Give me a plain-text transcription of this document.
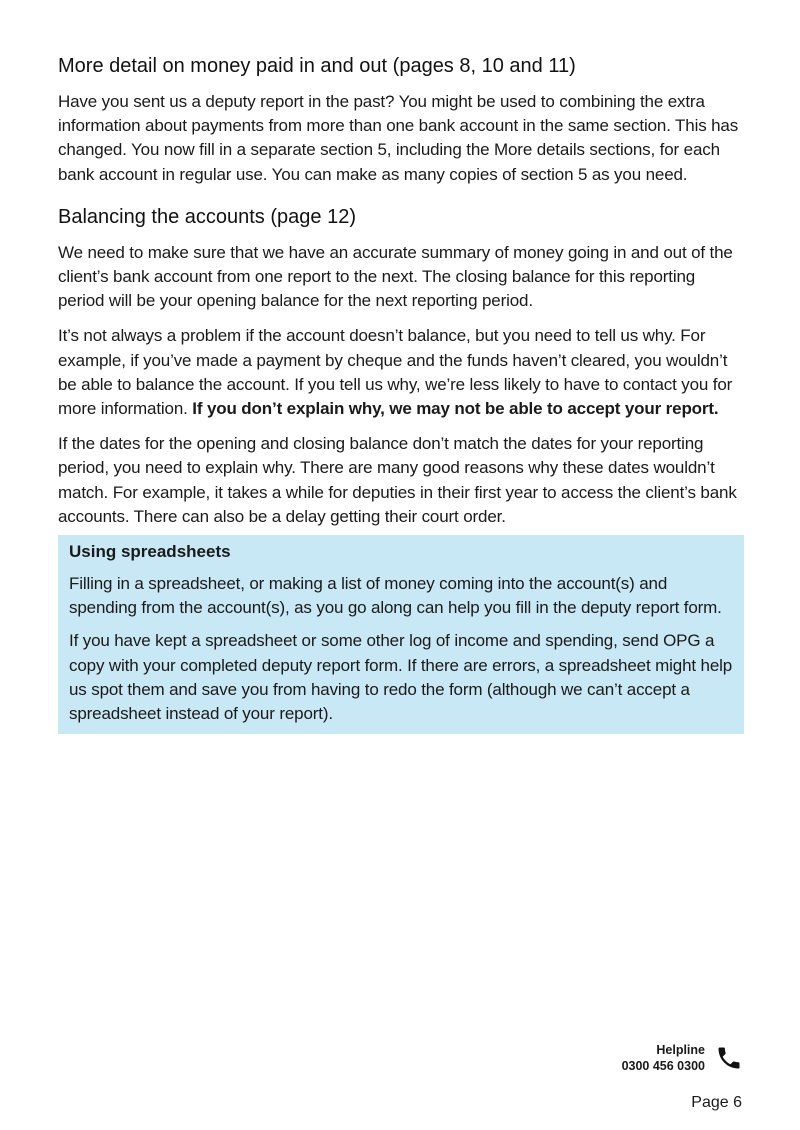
More detail on money paid in and out (pages 8, 10 and 11)

Have you sent us a deputy report in the past? You might be used to combining the extra information about payments from more than one bank account in the same section. This has changed. You now fill in a separate section 5, including the More details sections, for each bank account in regular use. You can make as many copies of section 5 as you need.

Balancing the accounts (page 12)

We need to make sure that we have an accurate summary of money going in and out of the client’s bank account from one report to the next. The closing balance for this reporting period will be your opening balance for the next reporting period.

It’s not always a problem if the account doesn’t balance, but you need to tell us why. For example, if you’ve made a payment by cheque and the funds haven’t cleared, you wouldn’t be able to balance the account. If you tell us why, we’re less likely to have to contact you for more information. If you don’t explain why, we may not be able to accept your report.

If the dates for the opening and closing balance don’t match the dates for your reporting period, you need to explain why. There are many good reasons why these dates wouldn’t match. For example, it takes a while for deputies in their first year to access the client’s bank accounts. There can also be a delay getting their court order.

Using spreadsheets

Filling in a spreadsheet, or making a list of money coming into the account(s) and spending from the account(s), as you go along can help you fill in the deputy report form.

If you have kept a spreadsheet or some other log of income and spending, send OPG a copy with your completed deputy report form. If there are errors, a spreadsheet might help us spot them and save you from having to redo the form (although we can’t accept a spreadsheet instead of your report).

Helpline
0300 456 0300
Page 6
